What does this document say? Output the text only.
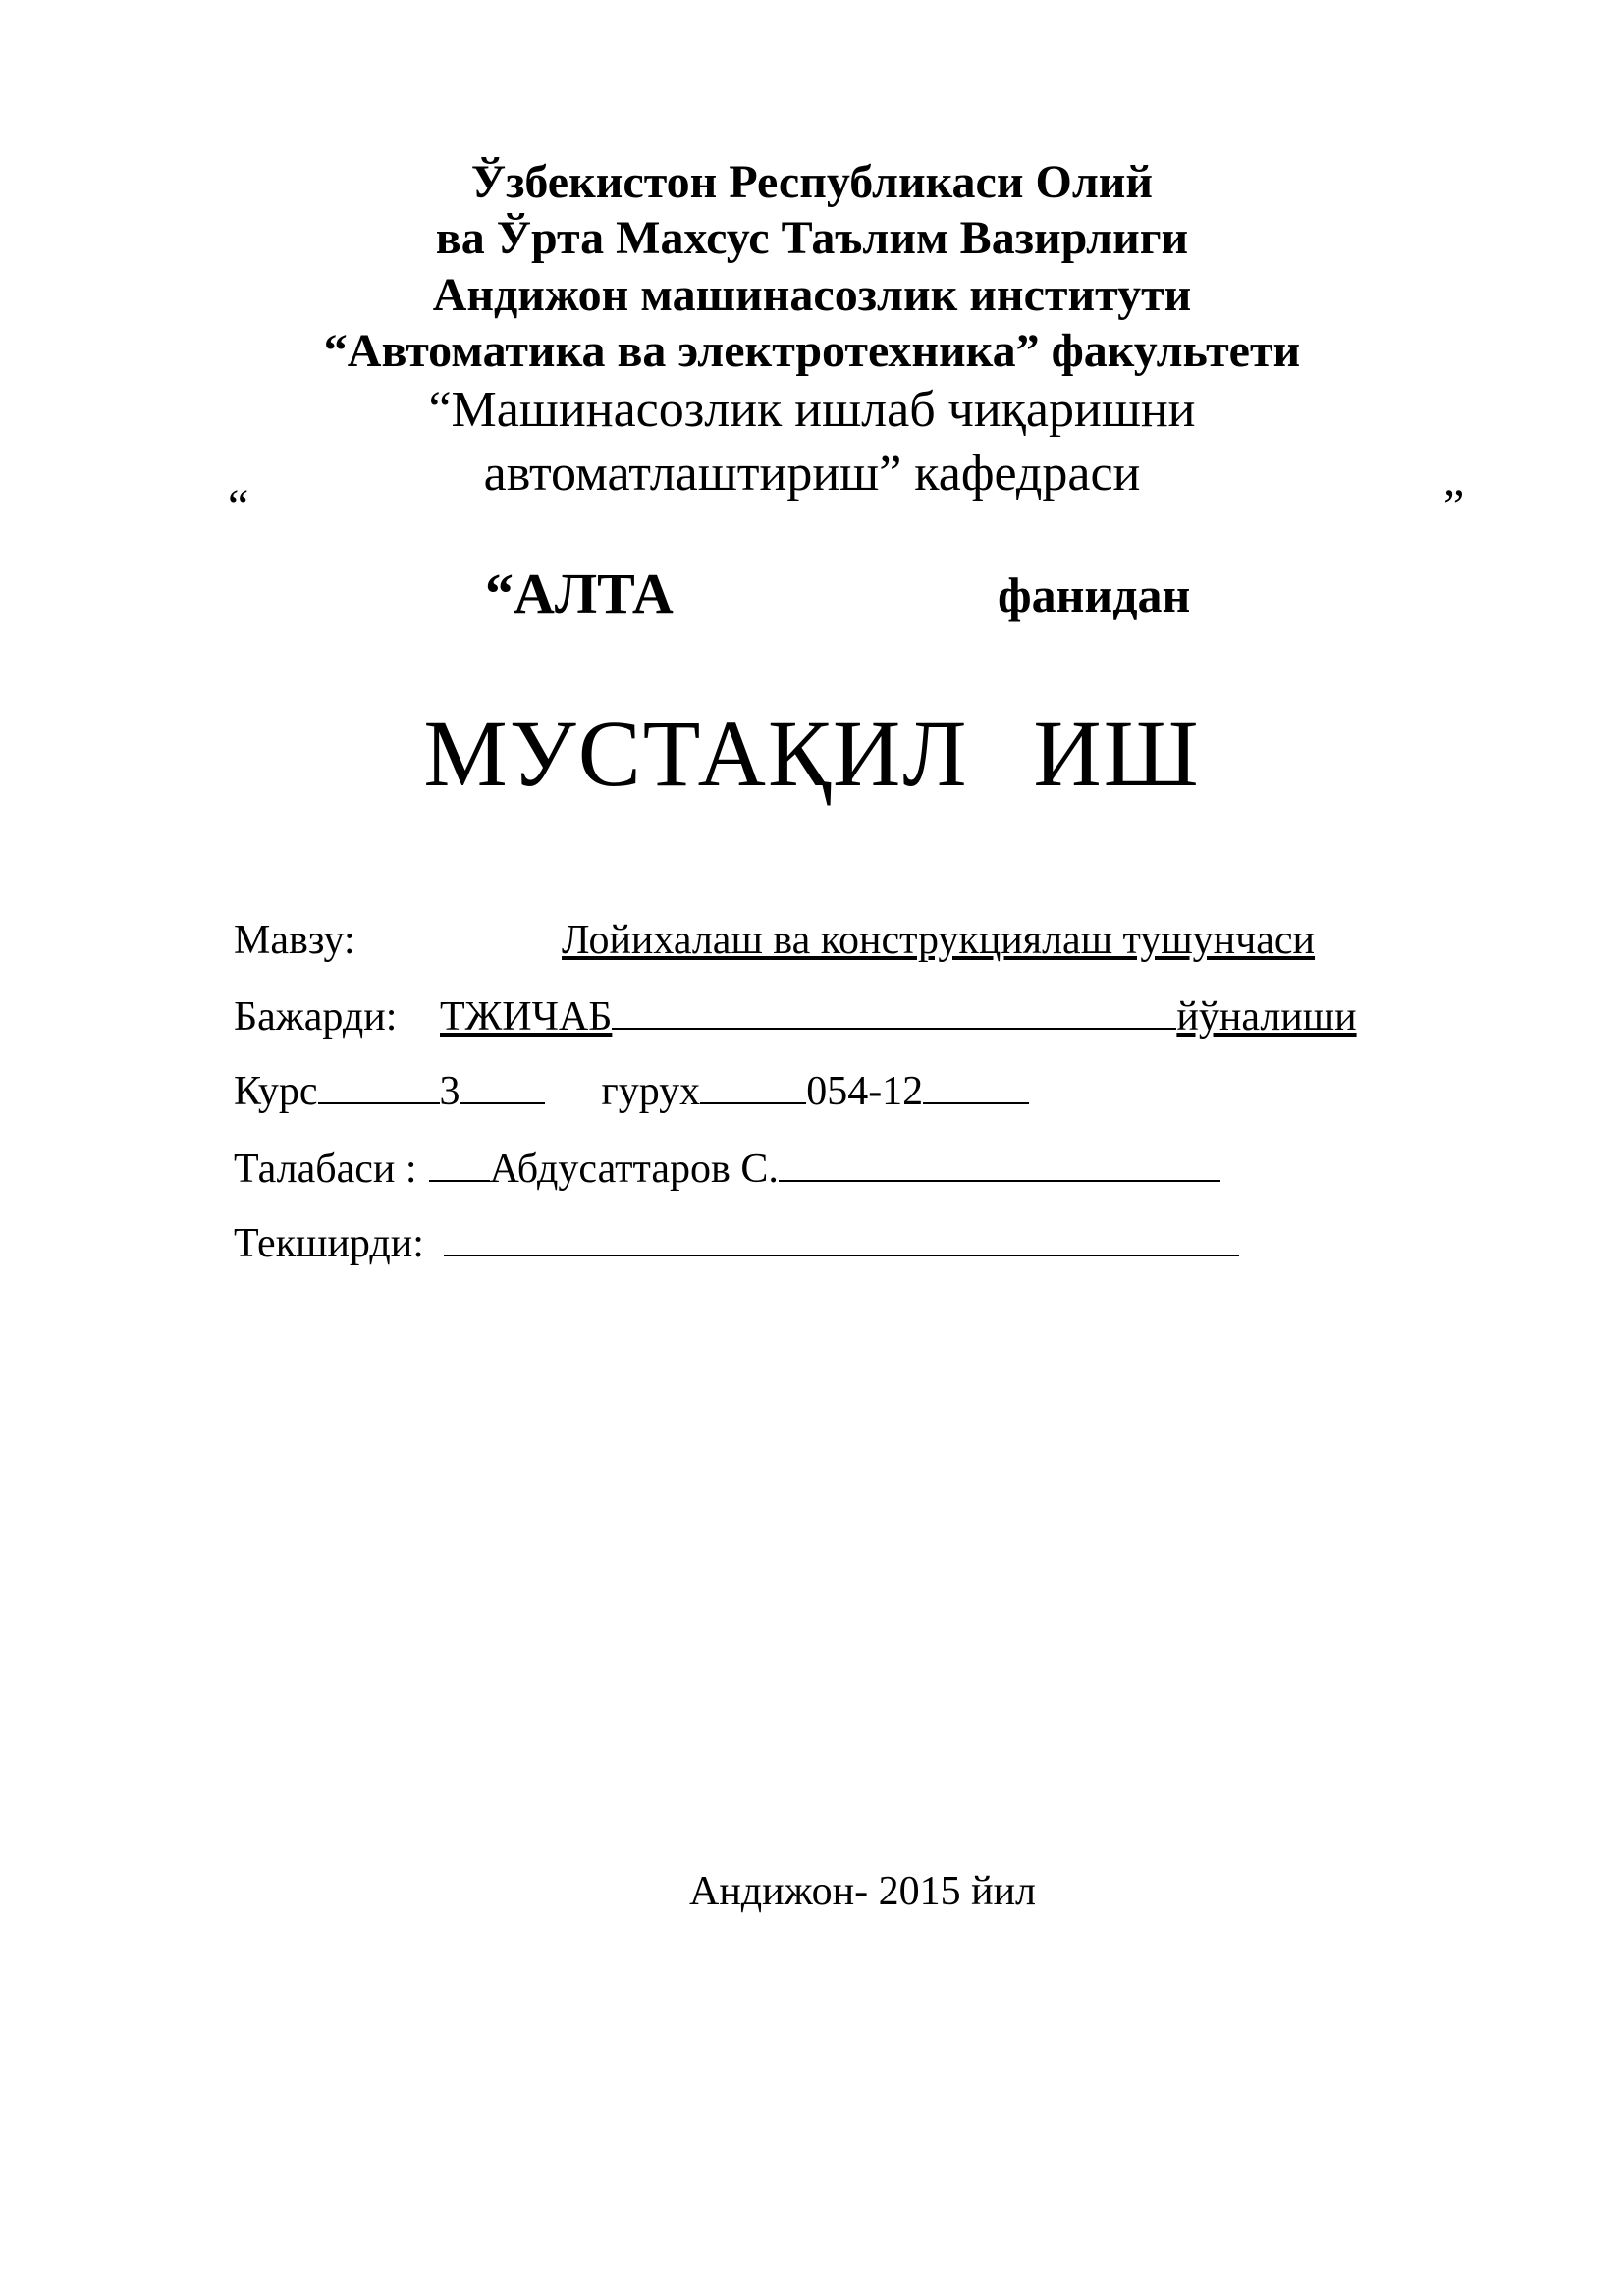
Ўзбекистон Республикаси Олий
ва Ўрта Махсус Таълим Вазирлиги
Андижон машинасозлик институти
“Автоматика ва электротехника” факультети
“Машинасозлик ишлаб чиқаришни
автоматлаштириш” кафедраси
“	”
“АЛТА	фанидан
МУСТАҚИЛ ИШ
Мавзу:	Лойихалаш ва конструкциялаш тушунчаси
Бажарди: ТЖИЧАБ	йўналиши
Курс	3	гурух	054-12
Талабаси : Абдусаттаров С.
Текширди:
Андижон- 2015 йил
